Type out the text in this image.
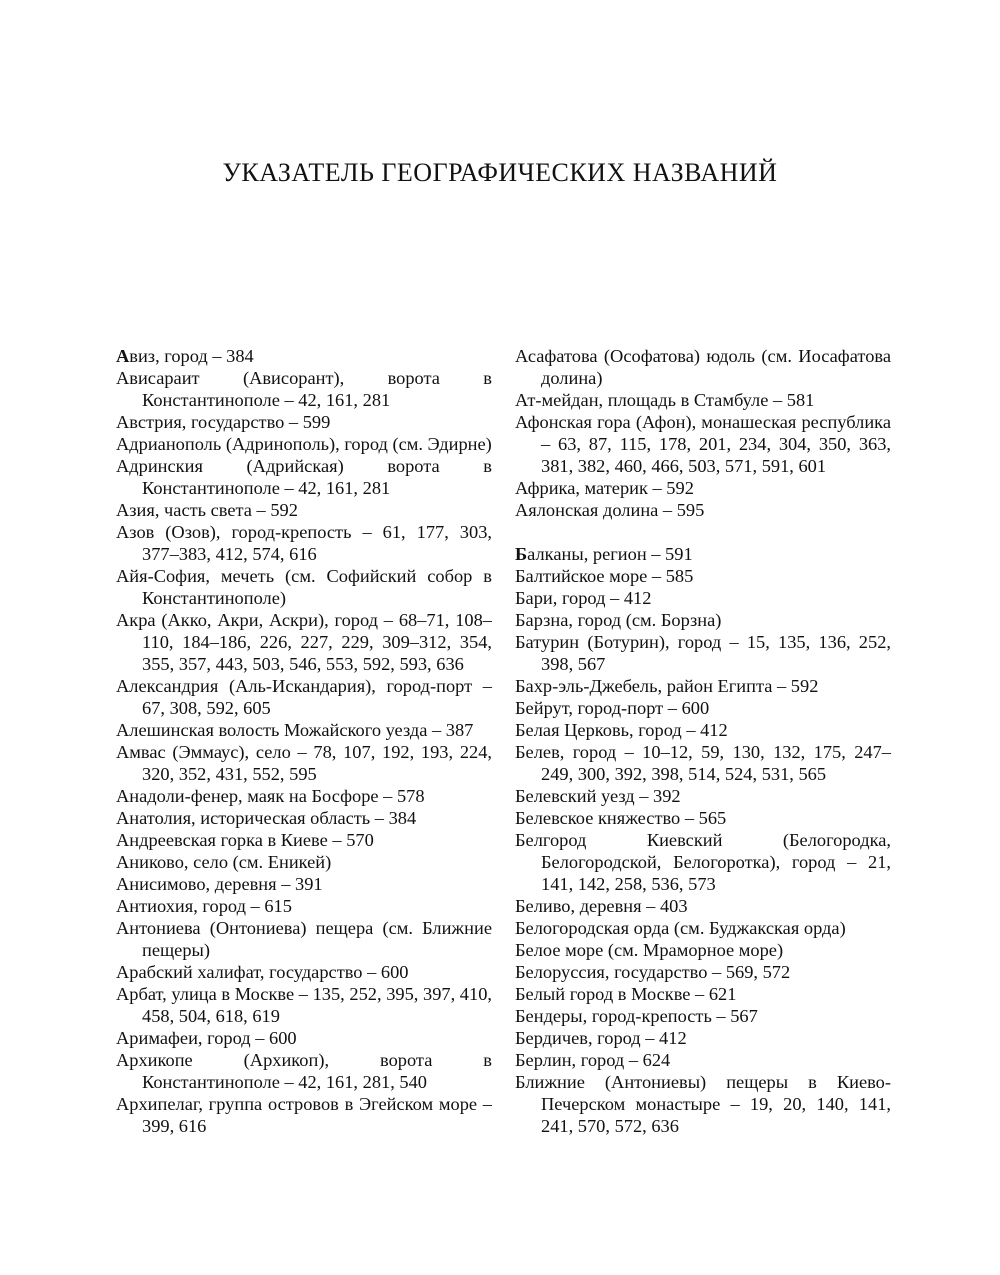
УКАЗАТЕЛЬ ГЕОГРАФИЧЕСКИХ НАЗВАНИЙ

Авиз, город – 384

Ависараит (Ависорант), ворота в Константинополе – 42, 161, 281

Австрия, государство – 599

Адрианополь (Адринополь), город (см. Эдирне)

Адринския (Адрийская) ворота в Константинополе – 42, 161, 281

Азия, часть света – 592

Азов (Озов), город-крепость – 61, 177, 303, 377–383, 412, 574, 616

Айя-София, мечеть (см. Софийский собор в Константинополе)

Акра (Акко, Акри, Аскри), город – 68–71, 108–110, 184–186, 226, 227, 229, 309–312, 354, 355, 357, 443, 503, 546, 553, 592, 593, 636

Александрия (Аль-Искандария), город-порт – 67, 308, 592, 605

Алешинская волость Можайского уезда – 387

Амвас (Эммаус), село – 78, 107, 192, 193, 224, 320, 352, 431, 552, 595

Анадоли-фенер, маяк на Босфоре – 578

Анатолия, историческая область – 384

Андреевская горка в Киеве – 570

Аниково, село (см. Еникей)

Анисимово, деревня – 391

Антиохия, город – 615

Антониева (Онтониева) пещера (см. Ближние пещеры)

Арабский халифат, государство – 600

Арбат, улица в Москве – 135, 252, 395, 397, 410, 458, 504, 618, 619

Аримафеи, город – 600

Архикопе (Архикоп), ворота в Константинополе – 42, 161, 281, 540

Архипелаг, группа островов в Эгейском море – 399, 616

Асафатова (Ософатова) юдоль (см. Иосафатова долина)

Ат-мейдан, площадь в Стамбуле – 581

Афонская гора (Афон), монашеская республика – 63, 87, 115, 178, 201, 234, 304, 350, 363, 381, 382, 460, 466, 503, 571, 591, 601

Африка, материк – 592

Аялонская долина – 595

Балканы, регион – 591

Балтийское море – 585

Бари, город – 412

Барзна, город (см. Борзна)

Батурин (Ботурин), город – 15, 135, 136, 252, 398, 567

Бахр-эль-Джебель, район Египта – 592

Бейрут, город-порт – 600

Белая Церковь, город – 412

Белев, город – 10–12, 59, 130, 132, 175, 247–249, 300, 392, 398, 514, 524, 531, 565

Белевский уезд – 392

Белевское княжество – 565

Белгород Киевский (Белогородка, Белогородской, Белогоротка), город – 21, 141, 142, 258, 536, 573

Беливо, деревня – 403

Белогородская орда (см. Буджакская орда)

Белое море (см. Мраморное море)

Белоруссия, государство – 569, 572

Белый город в Москве – 621

Бендеры, город-крепость – 567

Бердичев, город – 412

Берлин, город – 624

Ближние (Антониевы) пещеры в Киево-Печерском монастыре – 19, 20, 140, 141, 241, 570, 572, 636
